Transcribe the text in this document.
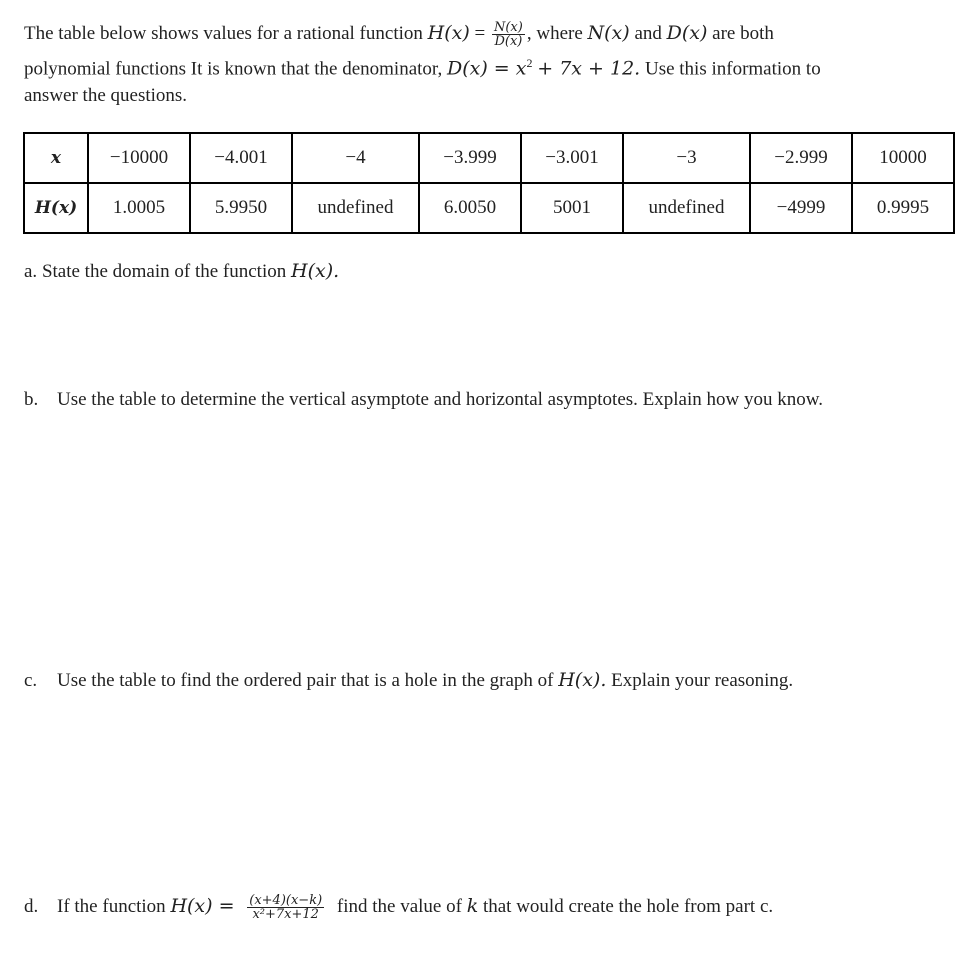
The table below shows values for a rational function $H(x) = \frac{N(x)}{D(x)}$ , where N(x) and D(x) are both
polynomial functions It is known that the denominator, $D(x) = x^2 + 7x + 12$. Use this information to
answer the questions.
x	−10000	−4.001	−4	−3.999	−3.001	−3	−2.999	10000
H(x)	1.0005	5.9950	undefined	6.0050	5001	undefined	−4999	0.9995
a. State the domain of the function H(x).
b. Use the table to determine the vertical asymptote and horizontal asymptotes. Explain how you know.
c. Use the table to find the ordered pair that is a hole in the graph of H(x). Explain your reasoning.
d. If the function $H(x) = \frac{(x+4)(x-k)}{\text{x²+7x+12}}$ find the value of k that would create the hole from part c.
